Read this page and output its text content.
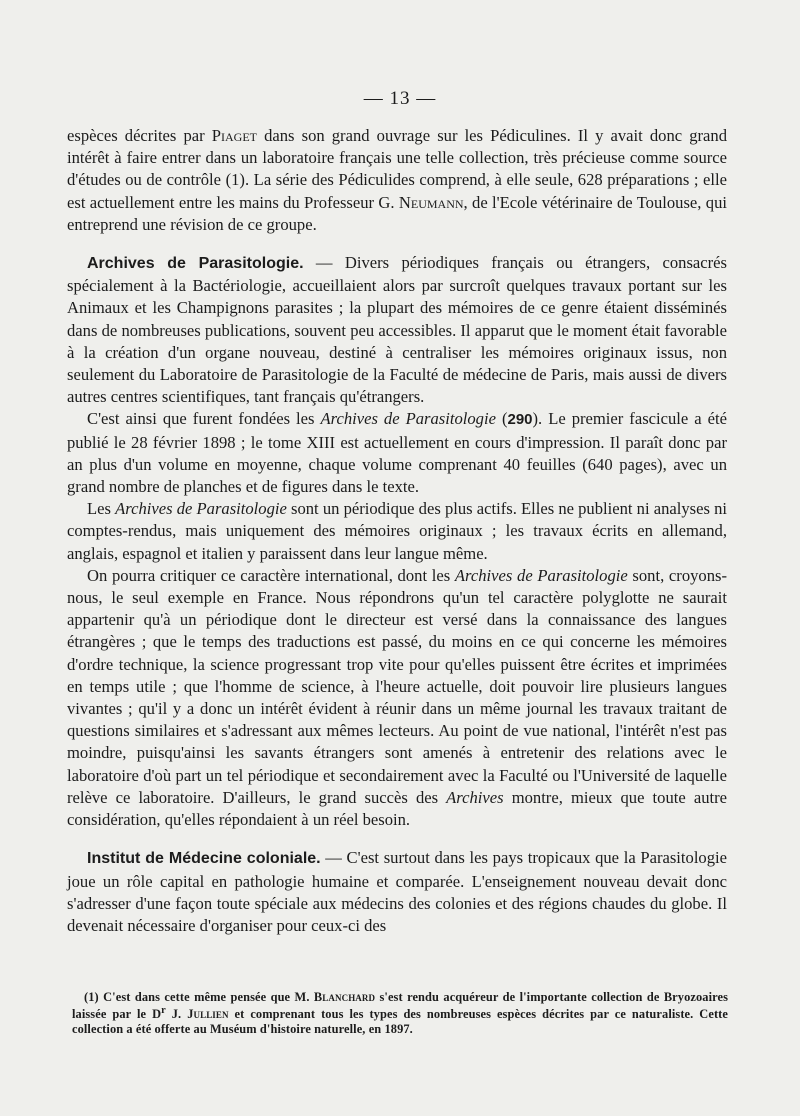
— 13 —

espèces décrites par Piaget dans son grand ouvrage sur les Pédiculines. Il y avait donc grand intérêt à faire entrer dans un laboratoire français une telle collection, très précieuse comme source d'études ou de contrôle (1). La série des Pédiculides comprend, à elle seule, 628 préparations ; elle est actuellement entre les mains du Professeur G. Neumann, de l'Ecole vétérinaire de Toulouse, qui entreprend une révision de ce groupe.

Archives de Parasitologie. — Divers périodiques français ou étrangers, consacrés spécialement à la Bactériologie, accueillaient alors par surcroît quelques travaux portant sur les Animaux et les Champignons parasites ; la plupart des mémoires de ce genre étaient disséminés dans de nombreuses publications, souvent peu accessibles. Il apparut que le moment était favorable à la création d'un organe nouveau, destiné à centraliser les mémoires originaux issus, non seulement du Laboratoire de Parasitologie de la Faculté de médecine de Paris, mais aussi de divers autres centres scientifiques, tant français qu'étrangers.

C'est ainsi que furent fondées les Archives de Parasitologie (290). Le premier fascicule a été publié le 28 février 1898 ; le tome XIII est actuellement en cours d'impression. Il paraît donc par an plus d'un volume en moyenne, chaque volume comprenant 40 feuilles (640 pages), avec un grand nombre de planches et de figures dans le texte.

Les Archives de Parasitologie sont un périodique des plus actifs. Elles ne publient ni analyses ni comptes-rendus, mais uniquement des mémoires originaux ; les travaux écrits en allemand, anglais, espagnol et italien y paraissent dans leur langue même.

On pourra critiquer ce caractère international, dont les Archives de Parasitologie sont, croyons-nous, le seul exemple en France. Nous répondrons qu'un tel caractère polyglotte ne saurait appartenir qu'à un périodique dont le directeur est versé dans la connaissance des langues étrangères ; que le temps des traductions est passé, du moins en ce qui concerne les mémoires d'ordre technique, la science progressant trop vite pour qu'elles puissent être écrites et imprimées en temps utile ; que l'homme de science, à l'heure actuelle, doit pouvoir lire plusieurs langues vivantes ; qu'il y a donc un intérêt évident à réunir dans un même journal les travaux traitant de questions similaires et s'adressant aux mêmes lecteurs. Au point de vue national, l'intérêt n'est pas moindre, puisqu'ainsi les savants étrangers sont amenés à entretenir des relations avec le laboratoire d'où part un tel périodique et secondairement avec la Faculté ou l'Université de laquelle relève ce laboratoire. D'ailleurs, le grand succès des Archives montre, mieux que toute autre considération, qu'elles répondaient à un réel besoin.

Institut de Médecine coloniale. — C'est surtout dans les pays tropicaux que la Parasitologie joue un rôle capital en pathologie humaine et comparée. L'enseignement nouveau devait donc s'adresser d'une façon toute spéciale aux médecins des colonies et des régions chaudes du globe. Il devenait nécessaire d'organiser pour ceux-ci des

(1) C'est dans cette même pensée que M. Blanchard s'est rendu acquéreur de l'importante collection de Bryozoaires laissée par le $D^r$ J. Jullien et comprenant tous les types des nombreuses espèces décrites par ce naturaliste. Cette collection a été offerte au Muséum d'histoire naturelle, en 1897.
